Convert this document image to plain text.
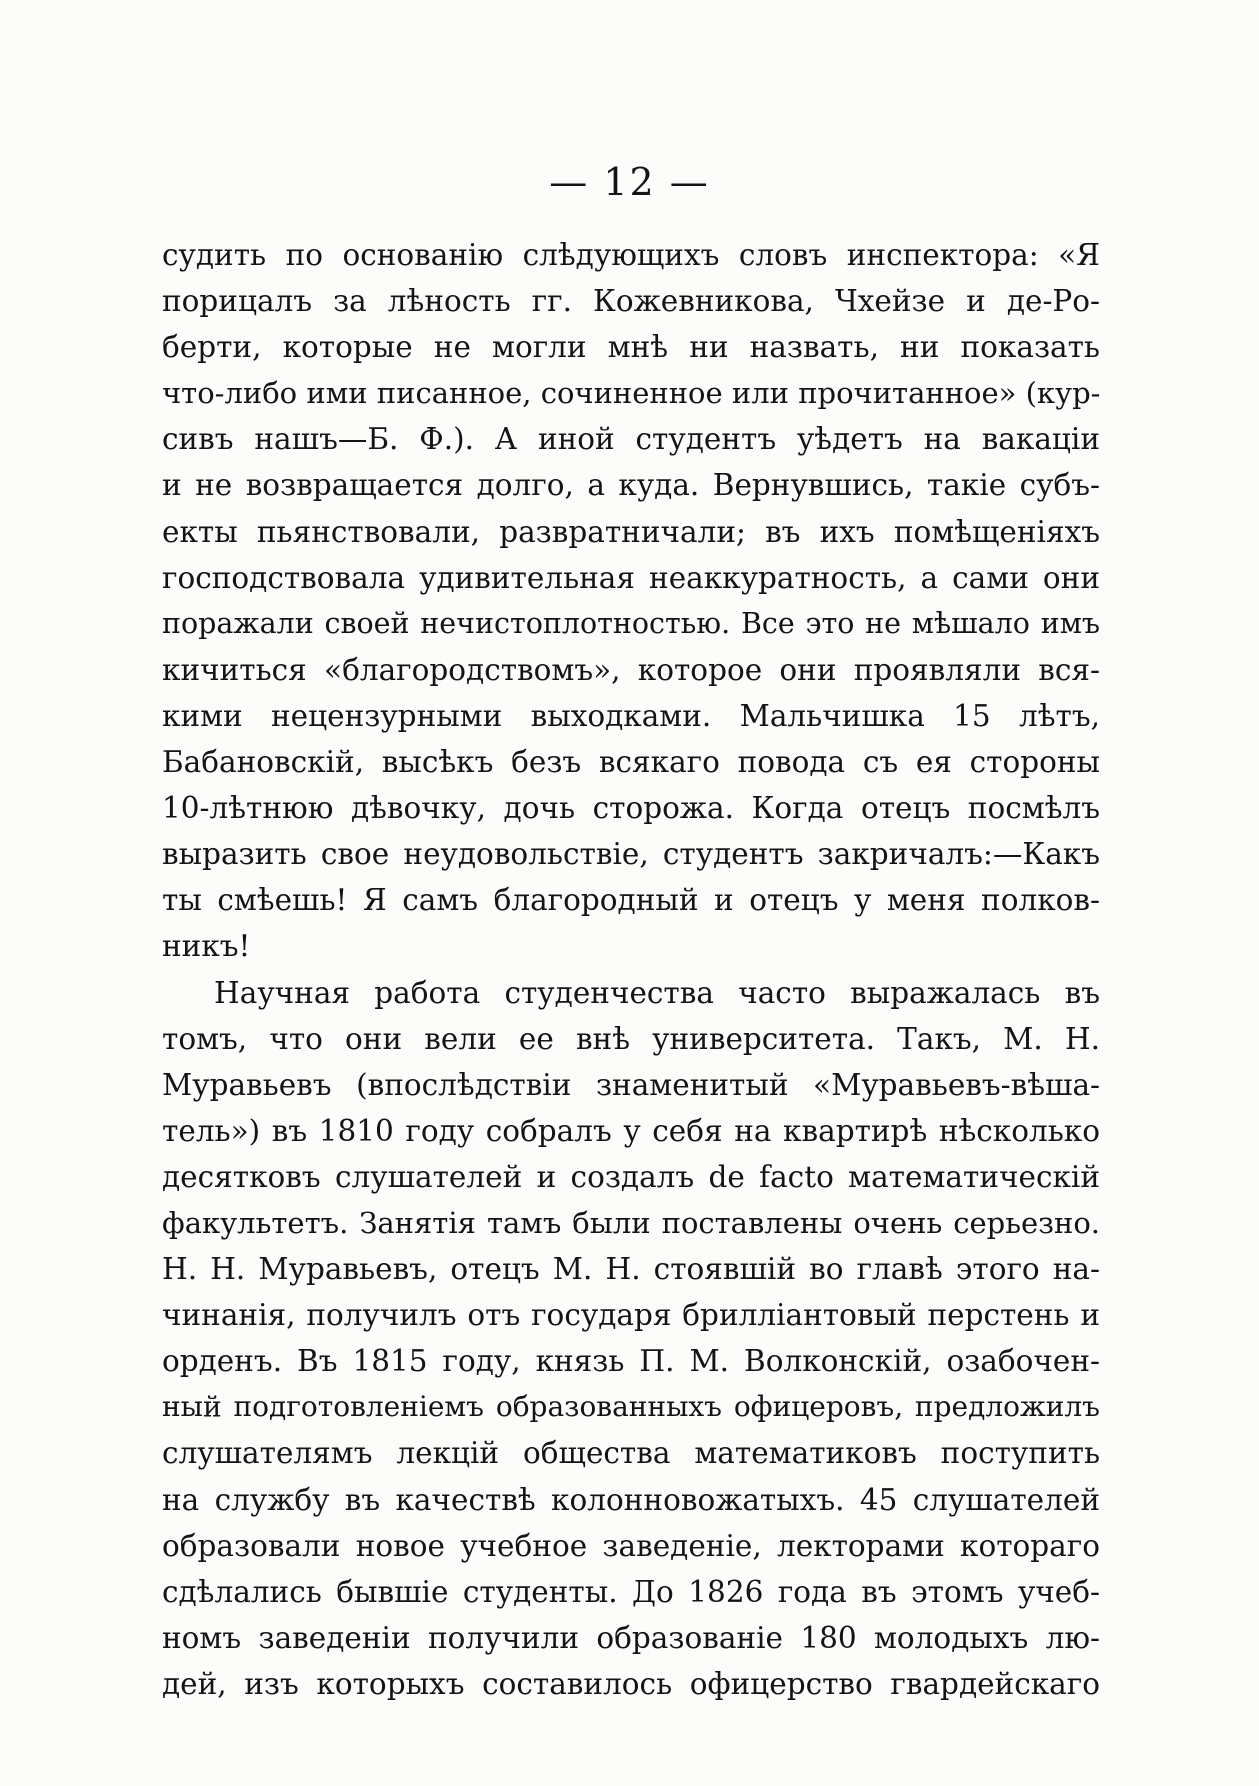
— 12 —
судить по основанію слѣдующихъ словъ инспектора: «Я
порицалъ за лѣность гг. Кожевникова, Чхейзе и де-Ро-
берти, которые не могли мнѣ ни назвать, ни показать
что-либо ими писанное, сочиненное или прочитанное» (кур-
сивъ нашъ—Б. Ф.). А иной студентъ уѣдетъ на вакаціи
и не возвращается долго, а куда. Вернувшись, такіе субъ-
екты пьянствовали, развратничали; въ ихъ помѣщеніяхъ
господствовала удивительная неаккуратность, а сами они
поражали своей нечистоплотностью. Все это не мѣшало имъ
кичиться «благородствомъ», которое они проявляли вся-
кими нецензурными выходками. Мальчишка 15 лѣтъ,
Бабановскій, высѣкъ безъ всякаго повода съ ея стороны
10-лѣтнюю дѣвочку, дочь сторожа. Когда отецъ посмѣлъ
выразить свое неудовольствіе, студентъ закричалъ:—Какъ
ты смѣешь! Я самъ благородный и отецъ у меня полков-
никъ!
Научная работа студенчества часто выражалась въ
томъ, что они вели ее внѣ университета. Такъ, М. Н.
Муравьевъ (впослѣдствіи знаменитый «Муравьевъ-вѣша-
тель») въ 1810 году собралъ у себя на квартирѣ нѣсколько
десятковъ слушателей и создалъ de facto математическій
факультетъ. Занятія тамъ были поставлены очень серьезно.
Н. Н. Муравьевъ, отецъ М. Н. стоявшій во главѣ этого на-
чинанія, получилъ отъ государя брилліантовый перстень и
орденъ. Въ 1815 году, князь П. М. Волконскій, озабочен-
ный подготовленіемъ образованныхъ офицеровъ, предложилъ
слушателямъ лекцій общества математиковъ поступить
на службу въ качествѣ колонновожатыхъ. 45 слушателей
образовали новое учебное заведеніе, лекторами котораго
сдѣлались бывшіе студенты. До 1826 года въ этомъ учеб-
номъ заведеніи получили образованіе 180 молодыхъ лю-
дей, изъ которыхъ составилось офицерство гвардейскаго
